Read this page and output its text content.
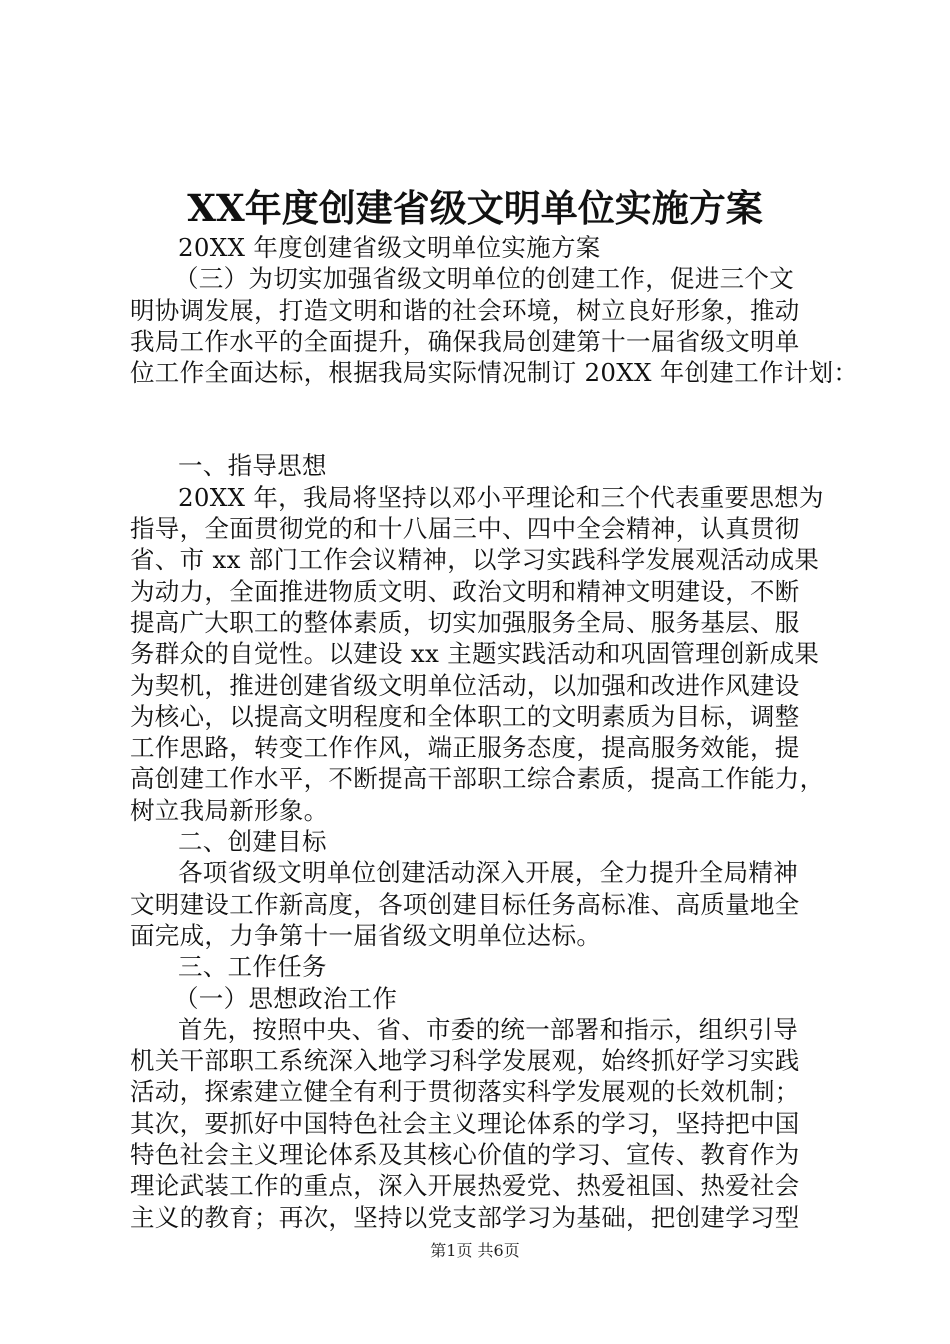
XX年度创建省级文明单位实施方案
20XX 年度创建省级文明单位实施方案
（三）为切实加强省级文明单位的创建工作，促进三个文
明协调发展，打造文明和谐的社会环境，树立良好形象，推动
我局工作水平的全面提升，确保我局创建第十一届省级文明单
位工作全面达标，根据我局实际情况制订 20XX 年创建工作计划：
一、指导思想
20XX 年，我局将坚持以邓小平理论和三个代表重要思想为
指导，全面贯彻党的和十八届三中、四中全会精神，认真贯彻
省、市 xx 部门工作会议精神，以学习实践科学发展观活动成果
为动力，全面推进物质文明、政治文明和精神文明建设，不断
提高广大职工的整体素质，切实加强服务全局、服务基层、服
务群众的自觉性。以建设 xx 主题实践活动和巩固管理创新成果
为契机，推进创建省级文明单位活动，以加强和改进作风建设
为核心，以提高文明程度和全体职工的文明素质为目标，调整
工作思路，转变工作作风，端正服务态度，提高服务效能，提
高创建工作水平，不断提高干部职工综合素质，提高工作能力，
树立我局新形象。
二、创建目标
各项省级文明单位创建活动深入开展，全力提升全局精神
文明建设工作新高度，各项创建目标任务高标准、高质量地全
面完成，力争第十一届省级文明单位达标。
三、工作任务
（一）思想政治工作
首先，按照中央、省、市委的统一部署和指示，组织引导
机关干部职工系统深入地学习科学发展观，始终抓好学习实践
活动，探索建立健全有利于贯彻落实科学发展观的长效机制；
其次，要抓好中国特色社会主义理论体系的学习，坚持把中国
特色社会主义理论体系及其核心价值的学习、宣传、教育作为
理论武装工作的重点，深入开展热爱党、热爱祖国、热爱社会
主义的教育；再次，坚持以党支部学习为基础，把创建学习型
第1页 共6页
